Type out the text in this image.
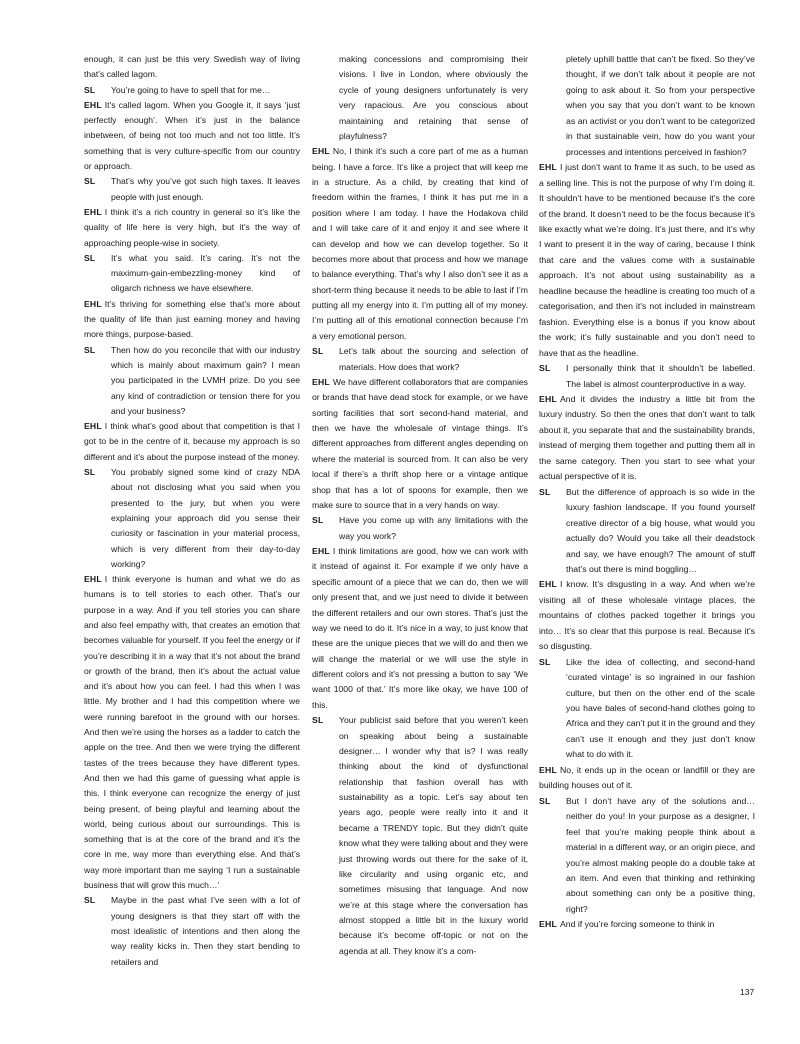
enough, it can just be this very Swedish way of living that’s called lagom.
SL You’re going to have to spell that for me…
EHL It’s called lagom. When you Google it, it says ‘just perfectly enough’. When it’s just in the balance inbetween, of being not too much and not too little. It’s something that is very culture-specific from our country or approach.
SL That’s why you’ve got such high taxes. It leaves people with just enough.
EHL I think it’s a rich country in general so it’s like the quality of life here is very high, but it’s the way of approaching people-wise in society.
SL It’s what you said. It’s caring. It’s not the maximum-gain-embezzling-money kind of oligarch richness we have elsewhere.
EHL It’s thriving for something else that’s more about the quality of life than just earning money and having more things, purpose-based.
SL Then how do you reconcile that with our industry which is mainly about maximum gain? I mean you participated in the LVMH prize. Do you see any kind of contradiction or tension there for you and your business?
EHL I think what’s good about that competition is that I got to be in the centre of it, because my approach is so different and it’s about the purpose instead of the money.
SL You probably signed some kind of crazy NDA about not disclosing what you said when you presented to the jury, but when you were explaining your approach did you sense their curiosity or fascination in your material process, which is very different from their day-to-day working?
EHL I think everyone is human and what we do as humans is to tell stories to each other. That’s our purpose in a way. And if you tell stories you can share and also feel empathy with, that creates an emotion that becomes valuable for yourself. If you feel the energy or if you’re describing it in a way that it’s not about the brand or growth of the brand, then it’s about the actual value and it’s about how you can feel. I had this when I was little. My brother and I had this competition where we were running barefoot in the ground with our horses. And then we’re using the horses as a ladder to catch the apple on the tree. And then we were trying the different tastes of the trees because they have different types. And then we had this game of guessing what apple is this. I think everyone can recognize the energy of just being present, of being playful and learning about the world, being curious about our surroundings. This is something that is at the core of the brand and it’s the core in me, way more than everything else. And that’s way more important than me saying ‘I run a sustainable business that will grow this much…’
SL Maybe in the past what I’ve seen with a lot of young designers is that they start off with the most idealistic of intentions and then along the way reality kicks in. Then they start bending to retailers and
making concessions and compromising their visions. I live in London, where obviously the cycle of young designers unfortunately is very very rapacious. Are you conscious about maintaining and retaining that sense of playfulness?
EHL No, I think it’s such a core part of me as a human being. I have a force. It’s like a project that will keep me in a structure. As a child, by creating that kind of freedom within the frames, I think it has put me in a position where I am today. I have the Hodakova child and I will take care of it and enjoy it and see where it can develop and how we can develop together. So it becomes more about that process and how we manage to balance everything. That’s why I also don’t see it as a short-term thing because it needs to be able to last if I’m putting all my energy into it. I’m putting all of my money. I’m putting all of this emotional connection because I’m a very emotional person.
SL Let’s talk about the sourcing and selection of materials. How does that work?
EHL We have different collaborators that are companies or brands that have dead stock for example, or we have sorting facilities that sort second-hand material, and then we have the wholesale of vintage things. It’s different approaches from different angles depending on where the material is sourced from. It can also be very local if there’s a thrift shop here or a vintage antique shop that has a lot of spoons for example, then we make sure to source that in a very hands on way.
SL Have you come up with any limitations with the way you work?
EHL I think limitations are good, how we can work with it instead of against it. For example if we only have a specific amount of a piece that we can do, then we will only present that, and we just need to divide it between the different retailers and our own stores. That’s just the way we need to do it. It’s nice in a way, to just know that these are the unique pieces that we will do and then we will change the material or we will use the style in different colors and it’s not pressing a button to say ‘We want 1000 of that.’ It’s more like okay, we have 100 of this.
SL Your publicist said before that you weren’t keen on speaking about being a sustainable designer… I wonder why that is? I was really thinking about the kind of dysfunctional relationship that fashion overall has with sustainability as a topic. Let’s say about ten years ago, people were really into it and it became a TRENDY topic. But they didn’t quite know what they were talking about and they were just throwing words out there for the sake of it, like circularity and using organic etc, and sometimes misusing that language. And now we’re at this stage where the conversation has almost stopped a little bit in the luxury world because it’s become off-topic or not on the agenda at all. They know it’s a com-
pletely uphill battle that can’t be fixed. So they’ve thought, if we don’t talk about it people are not going to ask about it. So from your perspective when you say that you don’t want to be known as an activist or you don’t want to be categorized in that sustainable vein, how do you want your processes and intentions perceived in fashion?
EHL I just don’t want to frame it as such, to be used as a selling line. This is not the purpose of why I’m doing it. It shouldn’t have to be mentioned because it’s the core of the brand. It doesn’t need to be the focus because it’s like exactly what we’re doing. It’s just there, and it’s why I want to present it in the way of caring, because I think that care and the values come with a sustainable approach. It’s not about using sustainability as a headline because the headline is creating too much of a categorisation, and then it’s not included in mainstream fashion. Everything else is a bonus if you know about the work; it’s fully sustainable and you don’t need to have that as the headline.
SL I personally think that it shouldn’t be labelled. The label is almost counterproductive in a way.
EHL And it divides the industry a little bit from the luxury industry. So then the ones that don’t want to talk about it, you separate that and the sustainability brands, instead of merging them together and putting them all in the same category. Then you start to see what your actual perspective of it is.
SL But the difference of approach is so wide in the luxury fashion landscape. If you found yourself creative director of a big house, what would you actually do? Would you take all their deadstock and say, we have enough? The amount of stuff that’s out there is mind boggling…
EHL I know. It’s disgusting in a way. And when we’re visiting all of these wholesale vintage places, the mountains of clothes packed together it brings you into… It’s so clear that this purpose is real. Because it’s so disgusting.
SL Like the idea of collecting, and second-hand ‘curated vintage’ is so ingrained in our fashion culture, but then on the other end of the scale you have bales of second-hand clothes going to Africa and they can’t put it in the ground and they can’t use it enough and they just don’t know what to do with it.
EHL No, it ends up in the ocean or landfill or they are building houses out of it.
SL But I don’t have any of the solutions and… neither do you! In your purpose as a designer, I feel that you’re making people think about a material in a different way, or an origin piece, and you’re almost making people do a double take at an item. And even that thinking and rethinking about something can only be a positive thing, right?
EHL And if you’re forcing someone to think in
137
